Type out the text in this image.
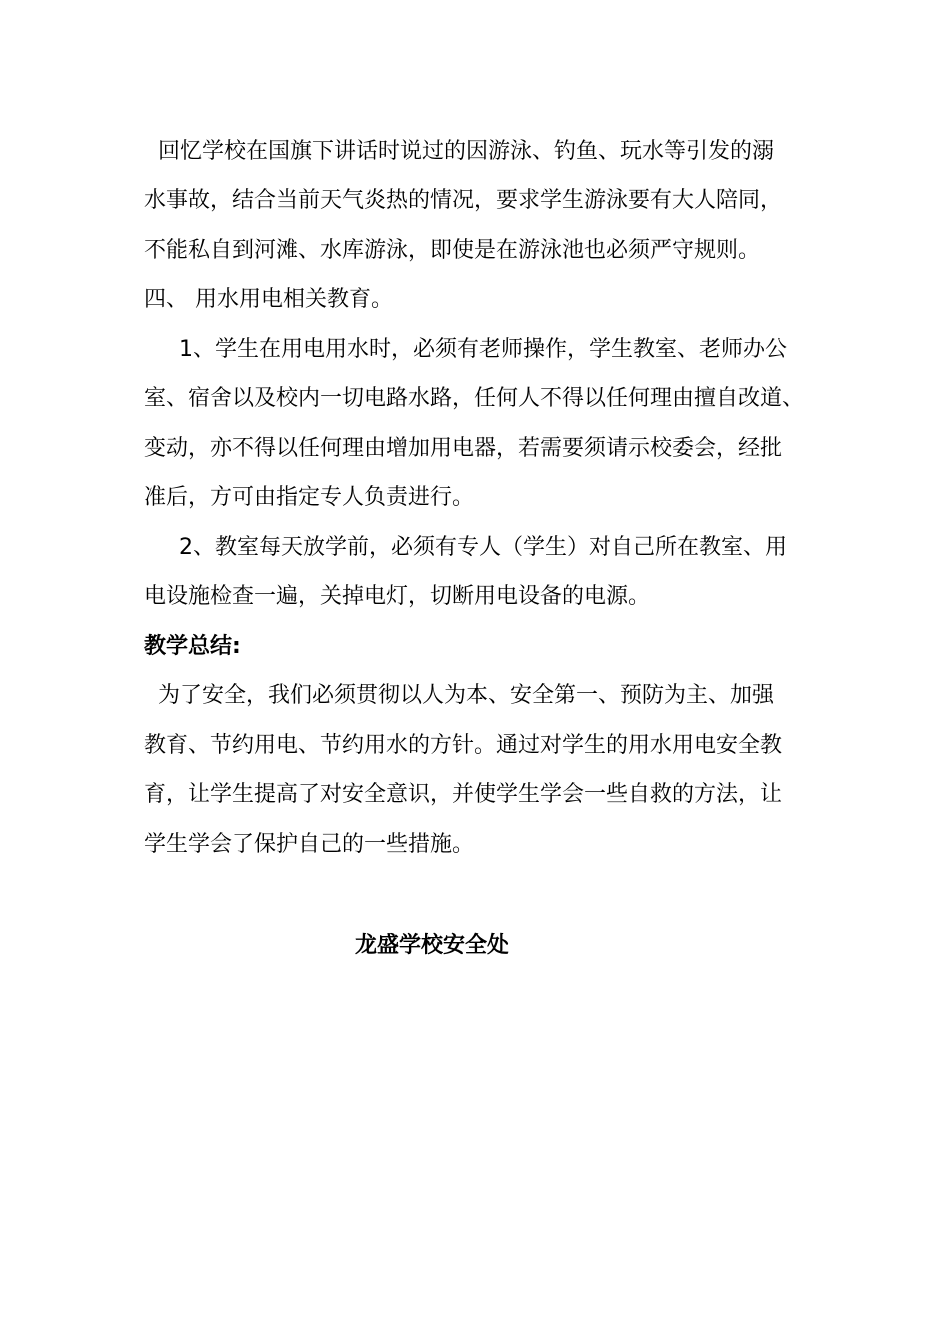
回忆学校在国旗下讲话时说过的因游泳、钓鱼、玩水等引发的溺
水事故，结合当前天气炎热的情况，要求学生游泳要有大人陪同，
不能私自到河滩、水库游泳，即使是在游泳池也必须严守规则。
四、 用水用电相关教育。
1、学生在用电用水时，必须有老师操作，学生教室、老师办公
室、宿舍以及校内一切电路水路，任何人不得以任何理由擅自改道、
变动，亦不得以任何理由增加用电器，若需要须请示校委会，经批
准后，方可由指定专人负责进行。
2、教室每天放学前，必须有专人（学生）对自己所在教室、用
电设施检查一遍，关掉电灯，切断用电设备的电源。
教学总结:
为了安全，我们必须贯彻以人为本、安全第一、预防为主、加强
教育、节约用电、节约用水的方针。通过对学生的用水用电安全教
育，让学生提高了对安全意识，并使学生学会一些自救的方法，让
学生学会了保护自己的一些措施。
龙盛学校安全处
